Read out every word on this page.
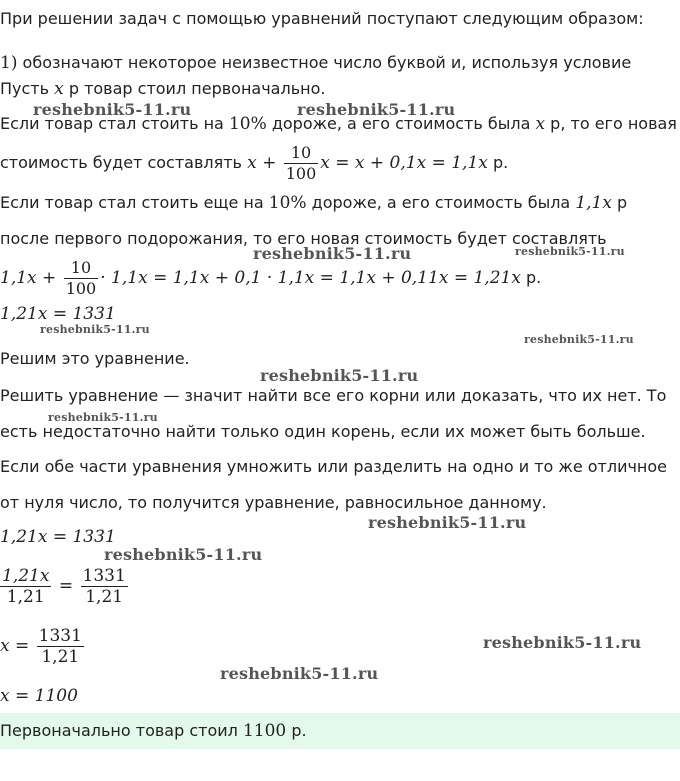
При решении задач с помощью уравнений поступают следующим образом:
1) обозначают некоторое неизвестное число буквой и, используя условие
Пусть x р товар стоил первоначально.
Если товар стал стоить на 10% дороже, а его стоимость была x р, то его новая
стоимость будет составлять $x + \frac{10}{100}$ x = x + 0,1x = 1,1x р.
Если товар стал стоить еще на 10% дороже, а его стоимость была 1,1x р
после первого подорожания, то его новая стоимость будет составлять
$1,1x + \frac{10}{100} \cdot 1,1x = 1,1x + 0,1 \cdot 1,1x = 1,1x + 0,11x = 1,21x$ р.
1,21x = 1331
Решим это уравнение.
Решить уравнение — значит найти все его корни или доказать, что их нет. То
есть недостаточно найти только один корень, если их может быть больше.
Если обе части уравнения умножить или разделить на одно и то же отличное
от нуля число, то получится уравнение, равносильное данному.
1,21x = 1331
$\frac{1,21x}{1,21} = \frac{1331}{1,21}$
$x = \frac{1331}{1,21}$
x = 1100
Первоначально товар стоил 1100 р.
reshebnik5-11.ru	reshebnik5-11.ru
reshebnik5-11.ru	reshebnik5-11.ru
reshebnik5-11.ru
reshebnik5-11.ru
reshebnik5-11.ru
reshebnik5-11.ru
reshebnik5-11.ru
reshebnik5-11.ru
reshebnik5-11.ru
reshebnik5-11.ru
